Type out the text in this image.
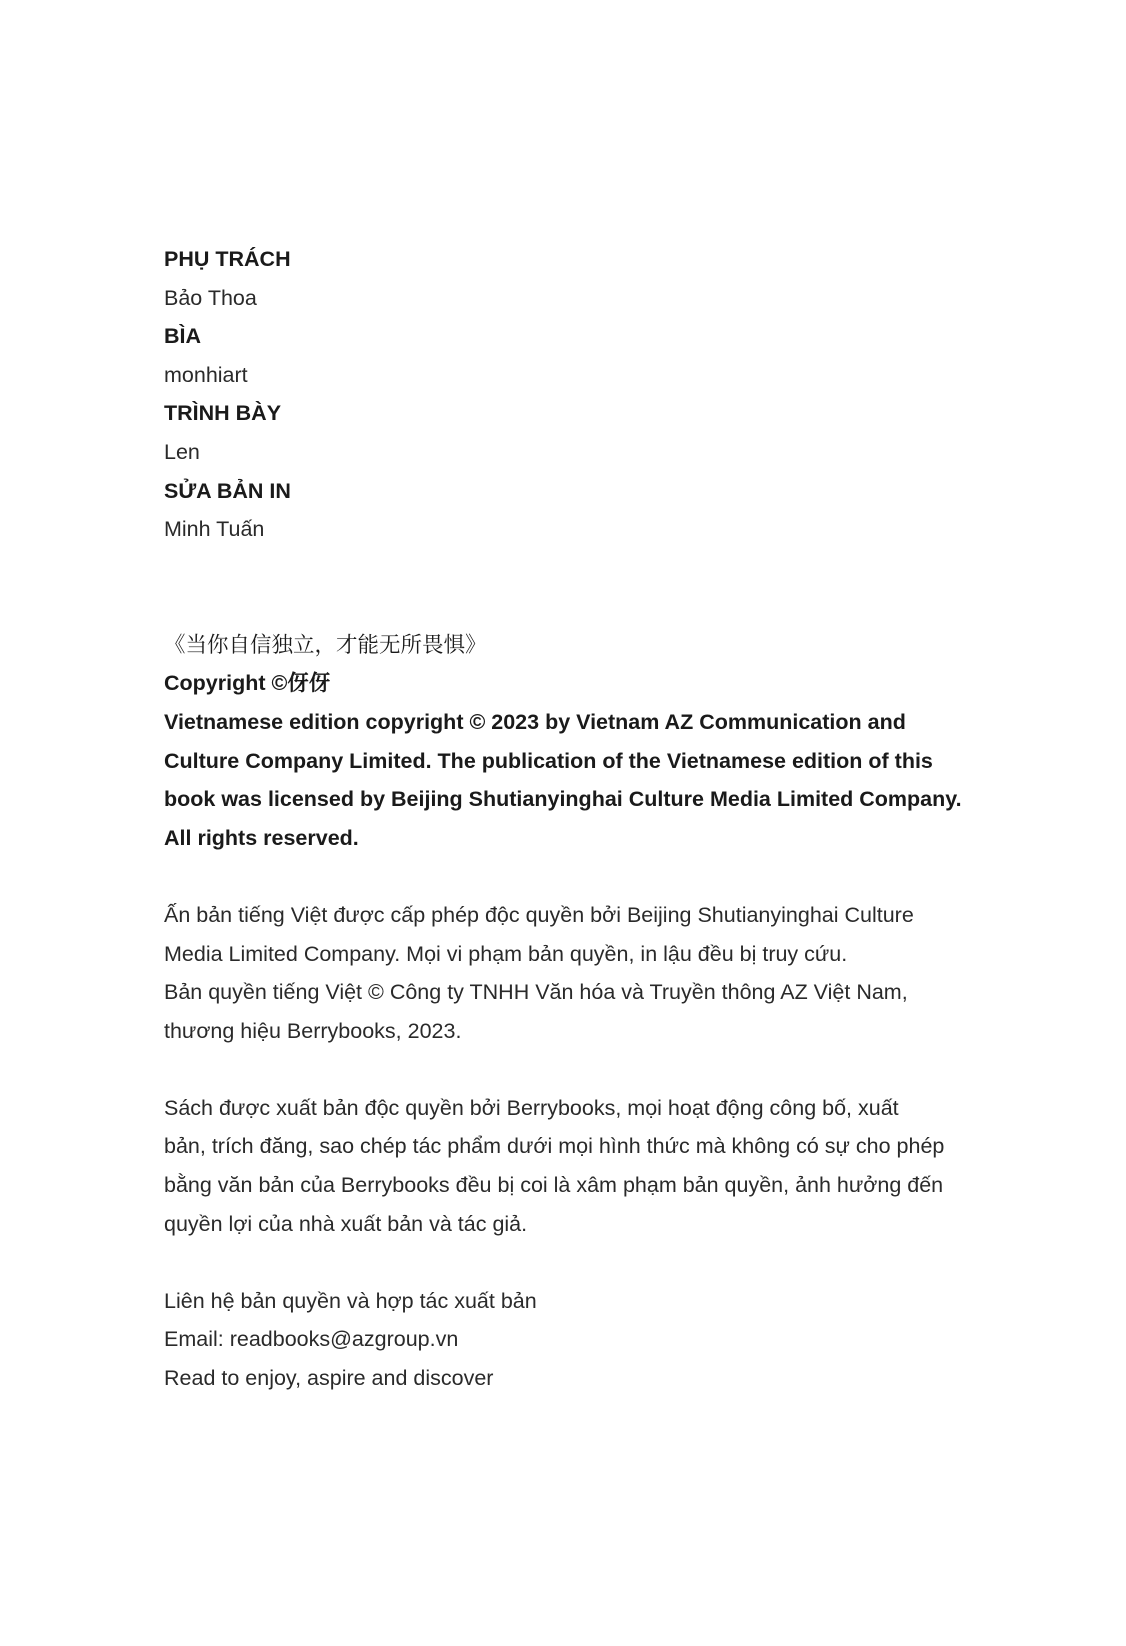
PHỤ TRÁCH

Bảo Thoa

BÌA

monhiart

TRÌNH BÀY

Len

SỬA BẢN IN

Minh Tuấn

《当你自信独立，才能无所畏惧》

Copyright ©伢伢

Vietnamese edition copyright © 2023 by Vietnam AZ Communication and

Culture Company Limited. The publication of the Vietnamese edition of this

book was licensed by Beijing Shutianyinghai Culture Media Limited Company.

All rights reserved.

Ấn bản tiếng Việt được cấp phép độc quyền bởi Beijing Shutianyinghai Culture

Media Limited Company. Mọi vi phạm bản quyền, in lậu đều bị truy cứu.

Bản quyền tiếng Việt © Công ty TNHH Văn hóa và Truyền thông AZ Việt Nam,

thương hiệu Berrybooks, 2023.

Sách được xuất bản độc quyền bởi Berrybooks, mọi hoạt động công bố, xuất

bản, trích đăng, sao chép tác phẩm dưới mọi hình thức mà không có sự cho phép

bằng văn bản của Berrybooks đều bị coi là xâm phạm bản quyền, ảnh hưởng đến

quyền lợi của nhà xuất bản và tác giả.

Liên hệ bản quyền và hợp tác xuất bản

Email: readbooks@azgroup.vn

Read to enjoy, aspire and discover
